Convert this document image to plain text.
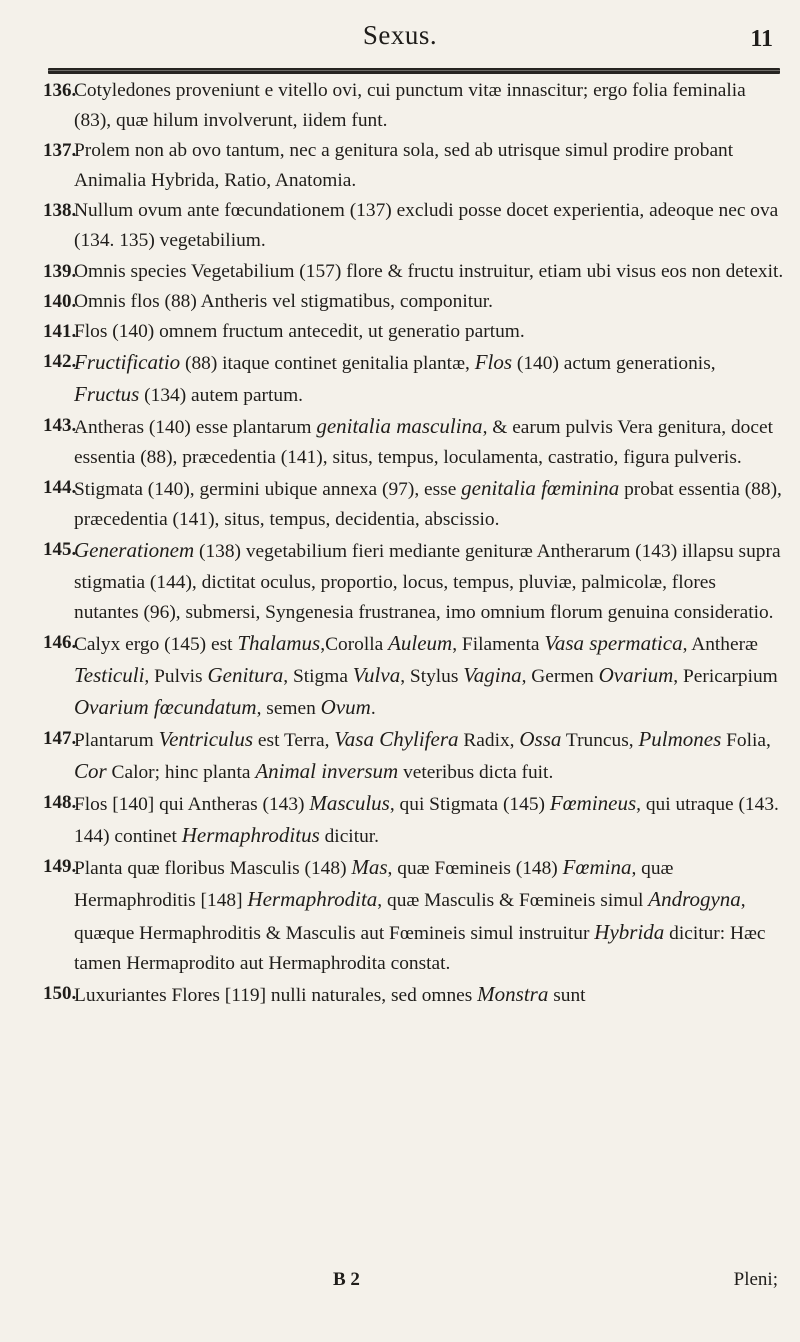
Sexus.	11
136.
Cotyledones proveniunt e vitello ovi, cui punctum vitæ innascitur; ergo folia feminalia (83), quæ hilum involverunt, iidem funt.
137.
Prolem non ab ovo tantum, nec a genitura sola, sed ab utrisque simul prodire probant Animalia Hybrida, Ratio, Anatomia.
138.
Nullum ovum ante fœcundationem (137) excludi posse docet experientia, adeoque nec ova (134. 135) vegetabilium.
139.
Omnis species Vegetabilium (157) flore & fructu instruitur, etiam ubi visus eos non detexit.
140.
Omnis flos (88) Antheris vel stigmatibus, componitur.
141.
Flos (140) omnem fructum antecedit, ut generatio partum.
142.
Fructificatio (88) itaque continet genitalia plantæ, Flos (140) actum generationis, Fructus (134) autem partum.
143.
Antheras (140) esse plantarum genitalia masculina, & earum pulvis Vera genitura, docet essentia (88), præcedentia (141), situs, tempus, loculamenta, castratio, figura pulveris.
144.
Stigmata (140), germini ubique annexa (97), esse genitalia fœminina probat essentia (88), præcedentia (141), situs, tempus, decidentia, abscissio.
145.
Generationem (138) vegetabilium fieri mediante genituræ Antherarum (143) illapsu supra stigmatia (144), dictitat oculus, proportio, locus, tempus, pluviæ, palmicolæ, flores nutantes (96), submersi, Syngenesia frustranea, imo omnium florum genuina consideratio.
146.
Calyx ergo (145) est Thalamus,Corolla Auleum, Filamenta Vasa spermatica, Antheræ Testiculi, Pulvis Genitura, Stigma Vulva, Stylus Vagina, Germen Ovarium, Pericarpium Ovarium fœcundatum, semen Ovum.
147.
Plantarum Ventriculus est Terra, Vasa Chylifera Radix, Ossa Truncus, Pulmones Folia, Cor Calor; hinc planta Animal inversum veteribus dicta fuit.
148.
Flos [140] qui Antheras (143) Masculus, qui Stigmata (145) Fœmineus, qui utraque (143. 144) continet Hermaphroditus dicitur.
149.
Planta quæ floribus Masculis (148) Mas, quæ Fœmineis (148) Fœmina, quæ Hermaphroditis [148] Hermaphrodita, quæ Masculis & Fœmineis simul Androgyna, quæque Hermaphroditis & Masculis aut Fœmineis simul instruitur Hybrida dicitur: Hæc tamen Hermaprodito aut Hermaphrodita constat.
150.
Luxuriantes Flores [119] nulli naturales, sed omnes Monstra sunt
B 2	Pleni;
